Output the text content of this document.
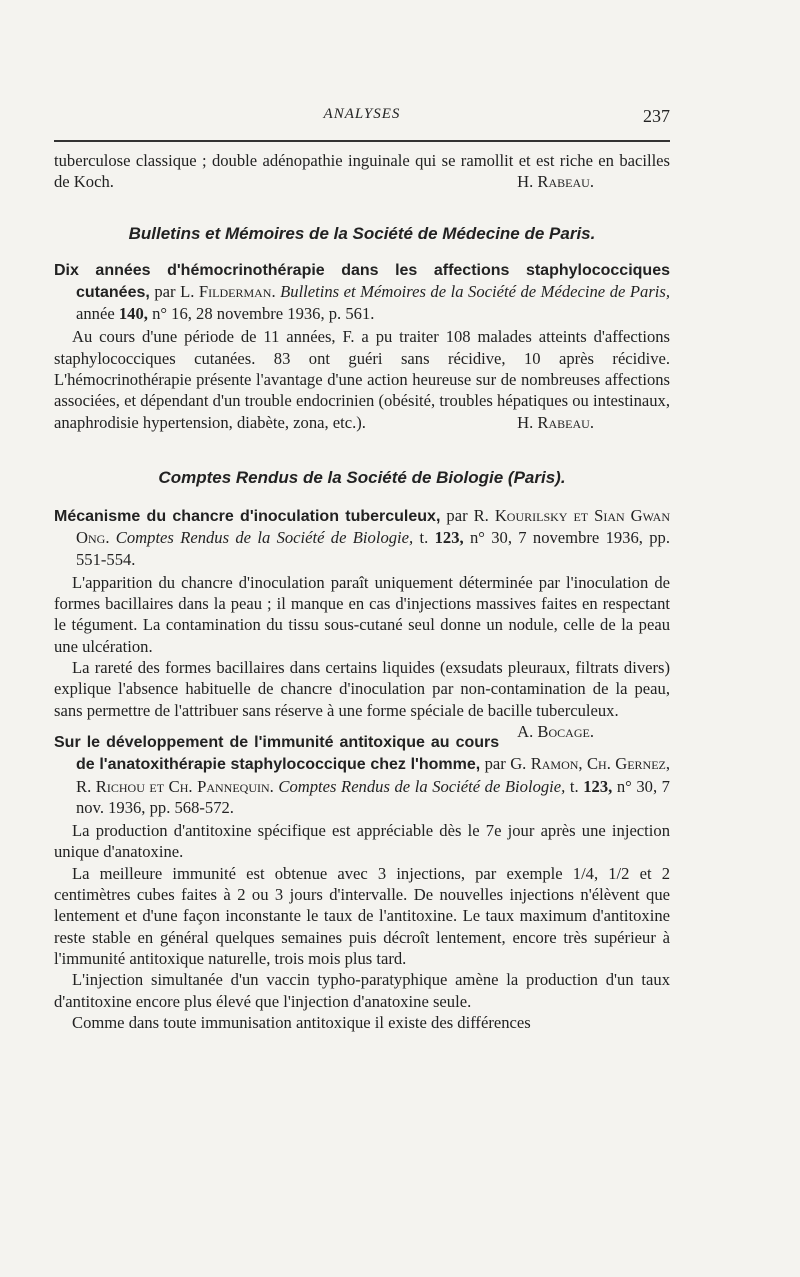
ANALYSES	237

tuberculose classique ; double adénopathie inguinale qui se ramollit et est riche en bacilles de Koch.	H. Rabeau.

Bulletins et Mémoires de la Société de Médecine de Paris.

Dix années d'hémocrinothérapie dans les affections staphylococciques cutanées, par L. Filderman. Bulletins et Mémoires de la Société de Médecine de Paris, année 140, n° 16, 28 novembre 1936, p. 561.

Au cours d'une période de 11 années, F. a pu traiter 108 malades atteints d'affections staphylococciques cutanées. 83 ont guéri sans récidive, 10 après récidive. L'hémocrinothérapie présente l'avantage d'une action heureuse sur de nombreuses affections associées, et dépendant d'un trouble endocrinien (obésité, troubles hépatiques ou intestinaux, anaphrodisie hypertension, diabète, zona, etc.).	H. Rabeau.

Comptes Rendus de la Société de Biologie (Paris).

Mécanisme du chancre d'inoculation tuberculeux, par R. Kourilsky et Sian Gwan Ong. Comptes Rendus de la Société de Biologie, t. 123, n° 30, 7 novembre 1936, pp. 551-554.

L'apparition du chancre d'inoculation paraît uniquement déterminée par l'inoculation de formes bacillaires dans la peau ; il manque en cas d'injections massives faites en respectant le tégument. La contamination du tissu sous-cutané seul donne un nodule, celle de la peau une ulcération.

La rareté des formes bacillaires dans certains liquides (exsudats pleuraux, filtrats divers) explique l'absence habituelle de chancre d'inoculation par non-contamination de la peau, sans permettre de l'attribuer sans réserve à une forme spéciale de bacille tuberculeux.
A. Bocage.

Sur le développement de l'immunité antitoxique au cours de l'anatoxithérapie staphylococcique chez l'homme, par G. Ramon, Ch. Gernez, R. Richou et Ch. Pannequin. Comptes Rendus de la Société de Biologie, t. 123, n° 30, 7 nov. 1936, pp. 568-572.

La production d'antitoxine spécifique est appréciable dès le 7e jour après une injection unique d'anatoxine.

La meilleure immunité est obtenue avec 3 injections, par exemple 1/4, 1/2 et 2 centimètres cubes faites à 2 ou 3 jours d'intervalle. De nouvelles injections n'élèvent que lentement et d'une façon inconstante le taux de l'antitoxine. Le taux maximum d'antitoxine reste stable en général quelques semaines puis décroît lentement, encore très supérieur à l'immunité antitoxique naturelle, trois mois plus tard.

L'injection simultanée d'un vaccin typho-paratyphique amène la production d'un taux d'antitoxine encore plus élevé que l'injection d'anatoxine seule.

Comme dans toute immunisation antitoxique il existe des différences
